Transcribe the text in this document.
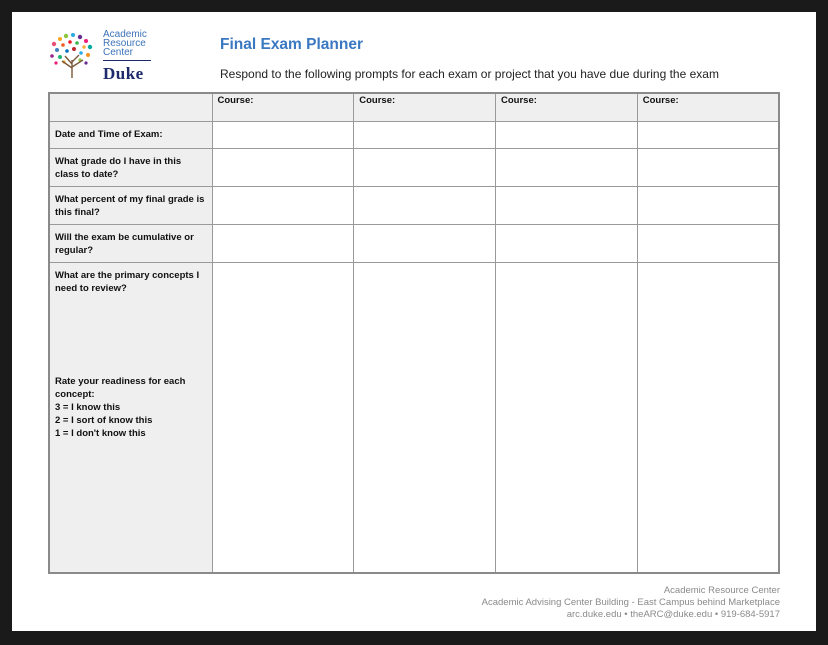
Academic
Resource
Center
Duke
Final Exam Planner
Respond to the following prompts for each exam or project that you have due during the exam
	Course:	Course:	Course:	Course:
Date and Time of Exam:				
What grade do I have in this class to date?				
What percent of my final grade is this final?				
Will the exam be cumulative or regular?				

What are the primary concepts I need to review?
Rate your readiness for each concept:
3 = I know this
2 = I sort of know this
1 = I don't know this				

Academic Resource Center
Academic Advising Center Building - East Campus behind Marketplace
arc.duke.edu • theARC@duke.edu • 919-684-5917
